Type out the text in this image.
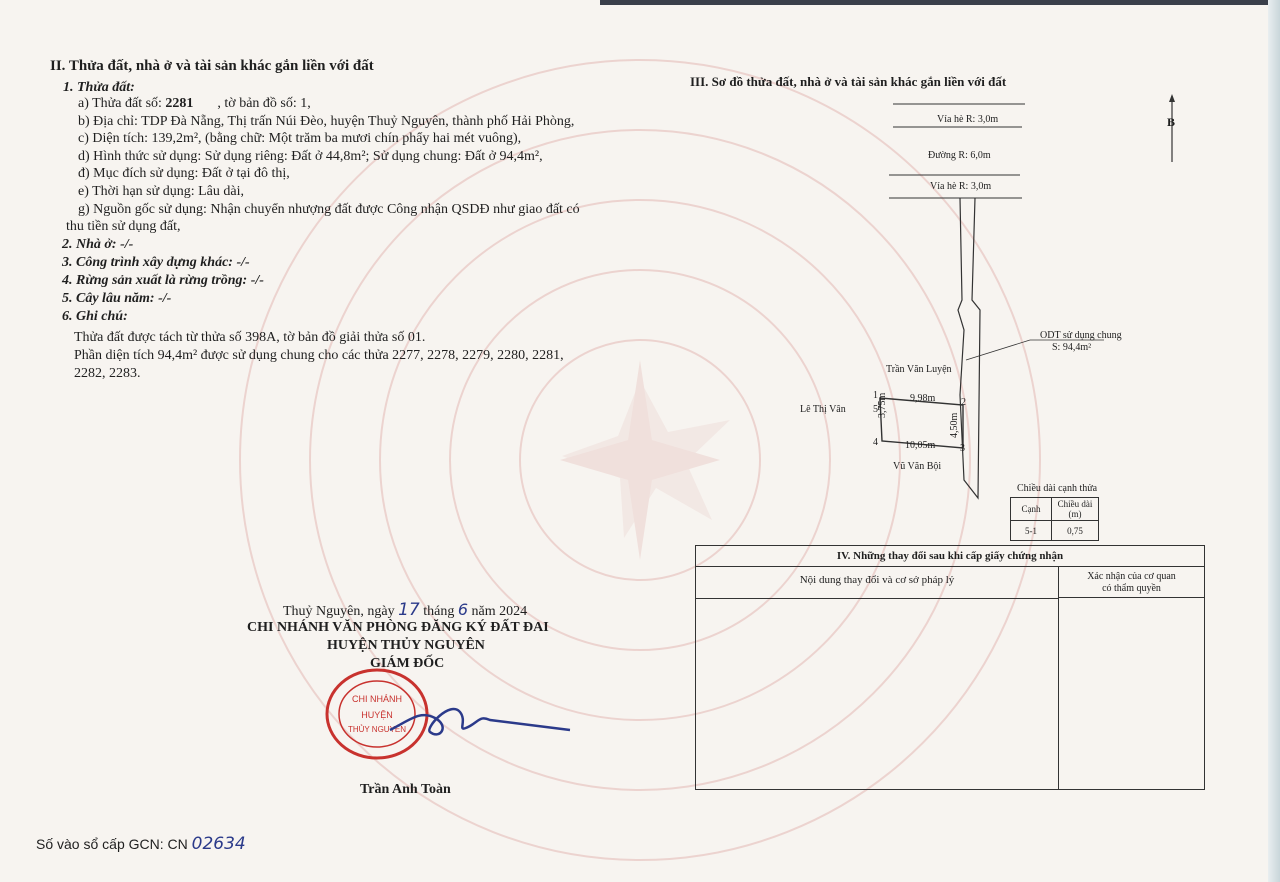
II. Thửa đất, nhà ở và tài sản khác gắn liền với đất
1. Thửa đất:
a) Thửa đất số: 2281 , tờ bản đồ số: 1,
b) Địa chỉ: TDP Đà Nẵng, Thị trấn Núi Đèo, huyện Thuỷ Nguyên, thành phố Hải Phòng,
c) Diện tích: 139,2m², (bằng chữ: Một trăm ba mươi chín phẩy hai mét vuông),
d) Hình thức sử dụng: Sử dụng riêng: Đất ở 44,8m²; Sử dụng chung: Đất ở 94,4m²,
đ) Mục đích sử dụng: Đất ở tại đô thị,
e) Thời hạn sử dụng: Lâu dài,
g) Nguồn gốc sử dụng: Nhận chuyển nhượng đất được Công nhận QSDĐ như giao đất có
thu tiền sử dụng đất,
2. Nhà ở: -/-
3. Công trình xây dựng khác: -/-
4. Rừng sản xuất là rừng trồng: -/-
5. Cây lâu năm: -/-
6. Ghi chú:
Thửa đất được tách từ thửa số 398A, tờ bản đồ giải thửa số 01.
Phần diện tích 94,4m² được sử dụng chung cho các thửa 2277, 2278, 2279, 2280, 2281,
2282, 2283.
Thuỷ Nguyên, ngày 17 tháng 6 năm 2024
CHI NHÁNH VĂN PHÒNG ĐĂNG KÝ ĐẤT ĐAI
HUYỆN THỦY NGUYÊN
GIÁM ĐỐC
CHI NHÁNH
HUYỆN
THỦY NGUYÊN
Trần Anh Toàn
Số vào sổ cấp GCN: CN 02634
III. Sơ đồ thửa đất, nhà ở và tài sản khác gắn liền với đất
Vỉa hè R: 3,0m
Đường R: 6,0m
Vỉa hè R: 3,0m
B
ODT sử dụng chung
S: 94,4m²
Trần Văn Luyện
Lê Thị Vân
Vũ Văn Bội
9,98m
10,05m
3,75m
4,50m
1
2
3
4
5
Chiều dài cạnh thửa
Cạnh	Chiều dài
(m)
5-1	0,75
IV. Những thay đổi sau khi cấp giấy chứng nhận
Nội dung thay đổi và cơ sở pháp lý	Xác nhận của cơ quan
có thẩm quyền
